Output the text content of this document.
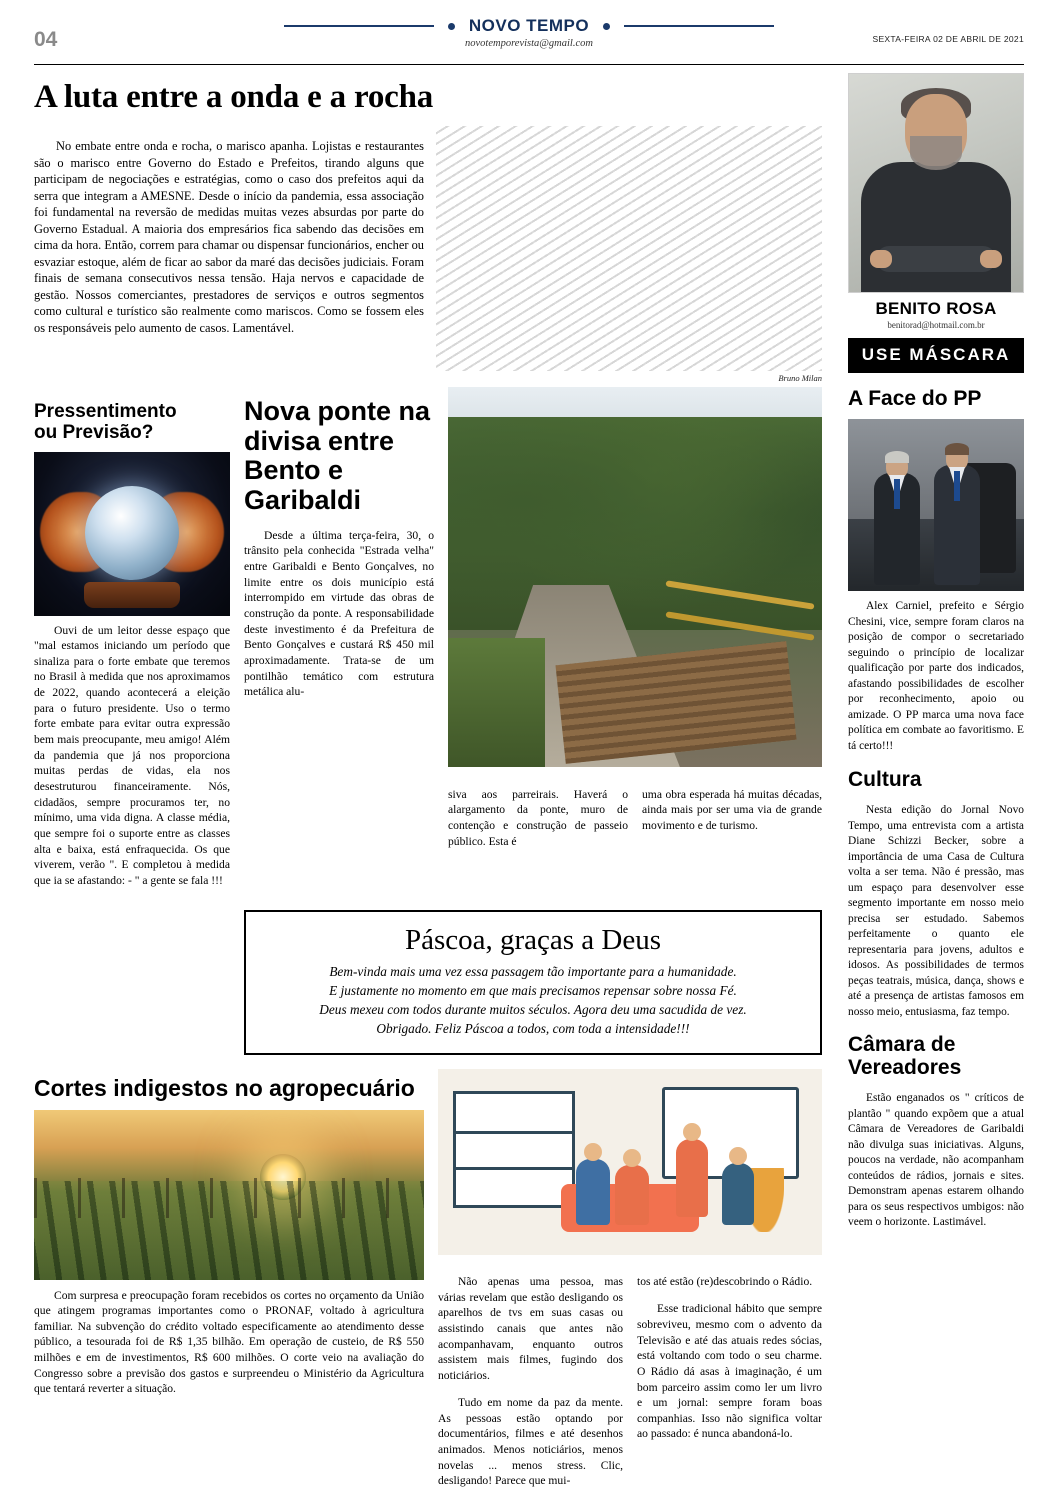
04
NOVO TEMPO
novotemporevista@gmail.com	SEXTA-FEIRA 02 DE ABRIL DE 2021
A luta entre a onda e a rocha

No embate entre onda e rocha, o marisco apanha. Lojistas e restaurantes são o marisco entre Governo do Estado e Prefeitos, tirando alguns que participam de negociações e estratégias, como o caso dos prefeitos aqui da serra que integram a AMESNE. Desde o início da pandemia, essa associação foi fundamental na reversão de medidas muitas vezes absurdas por parte do Governo Estadual. A maioria dos empresários fica sabendo das decisões em cima da hora. Então, correm para chamar ou dispensar funcionários, encher ou esvaziar estoque, além de ficar ao sabor da maré das decisões judiciais. Foram finais de semana consecutivos nessa tensão. Haja nervos e capacidade de gestão. Nossos comerciantes, prestadores de serviços e outros segmentos como cultural e turístico são realmente como mariscos. Como se fossem eles os responsáveis pelo aumento de casos. Lamentável.

Bruno Milan
Pressentimento
ou Previsão?

Ouvi de um leitor desse espaço que "mal estamos iniciando um período que sinaliza para o forte embate que teremos no Brasil à medida que nos aproximamos de 2022, quando acontecerá a eleição para o futuro presidente. Uso o termo forte embate para evitar outra expressão bem mais preocupante, meu amigo! Além da pandemia que já nos proporciona muitas perdas de vidas, ela nos desestruturou financeiramente. Nós, cidadãos, sempre procuramos ter, no mínimo, uma vida digna. A classe média, que sempre foi o suporte entre as classes alta e baixa, está enfraquecida. Os que viverem, verão ". E completou à medida que ia se afastando: - " a gente se fala !!!

Nova ponte na divisa entre Bento e Garibaldi

Desde a última terça-feira, 30, o trânsito pela conhecida "Estrada velha" entre Garibaldi e Bento Gonçalves, no limite entre os dois município está interrompido em virtude das obras de construção da ponte. A responsabilidade deste investimento é da Prefeitura de Bento Gonçalves e custará R$ 450 mil aproximadamente. Trata-se de um pontilhão temático com estrutura metálica alu-

siva aos parreirais. Haverá o alargamento da ponte, muro de contenção e construção de passeio público. Esta é

uma obra esperada há muitas décadas, ainda mais por ser uma via de grande movimento e de turismo.

Páscoa, graças a Deus
Bem-vinda mais uma vez essa passagem tão importante para a humanidade.
E justamente no momento em que mais precisamos repensar sobre nossa Fé.
Deus mexeu com todos durante muitos séculos. Agora deu uma sacudida de vez.
Obrigado. Feliz Páscoa a todos, com toda a intensidade!!!
Cortes indigestos no agropecuário

Com surpresa e preocupação foram recebidos os cortes no orçamento da União que atingem programas importantes como o PRONAF, voltado à agricultura familiar. Na subvenção do crédito voltado especificamente ao atendimento desse público, a tesourada foi de R$ 1,35 bilhão. Em operação de custeio, de R$ 550 milhões e em de investimentos, R$ 600 milhões. O corte veio na avaliação do Congresso sobre a previsão dos gastos e surpreendeu o Ministério da Agricultura que tentará reverter a situação.

Não apenas uma pessoa, mas várias revelam que estão desligando os aparelhos de tvs em suas casas ou assistindo canais que antes não acompanhavam, enquanto outros assistem mais filmes, fugindo dos noticiários.

Tudo em nome da paz da mente. As pessoas estão optando por documentários, filmes e até desenhos animados. Menos noticiários, menos novelas ... menos stress. Clic, desligando! Parece que mui-

tos até estão (re)descobrindo o Rádio.

Esse tradicional hábito que sempre sobreviveu, mesmo com o advento da Televisão e até das atuais redes sócias, está voltando com todo o seu charme. O Rádio dá asas à imaginação, é um bom parceiro assim como ler um livro e um jornal: sempre foram boas companhias. Isso não significa voltar ao passado: é nunca abandoná-lo.

BENITO ROSA
benitorad@hotmail.com.br
USE MÁSCARA
A Face do PP

Alex Carniel, prefeito e Sérgio Chesini, vice, sempre foram claros na posição de compor o secretariado seguindo o princípio de localizar qualificação por parte dos indicados, afastando possibilidades de escolher por reconhecimento, apoio ou amizade. O PP marca uma nova face política em combate ao favoritismo. E tá certo!!!

Cultura

Nesta edição do Jornal Novo Tempo, uma entrevista com a artista Diane Schizzi Becker, sobre a importância de uma Casa de Cultura volta a ser tema. Não é pressão, mas um espaço para desenvolver esse segmento importante em nosso meio precisa ser estudado. Sabemos perfeitamente o quanto ele representaria para jovens, adultos e idosos. As possibilidades de termos peças teatrais, música, dança, shows e até a presença de artistas famosos em nosso meio, entusiasma, faz tempo.

Câmara de
Vereadores

Estão enganados os " críticos de plantão " quando expõem que a atual Câmara de Vereadores de Garibaldi não divulga suas iniciativas. Alguns, poucos na verdade, não acompanham conteúdos de rádios, jornais e sites. Demonstram apenas estarem olhando para os seus respectivos umbigos: não veem o horizonte. Lastimável.
